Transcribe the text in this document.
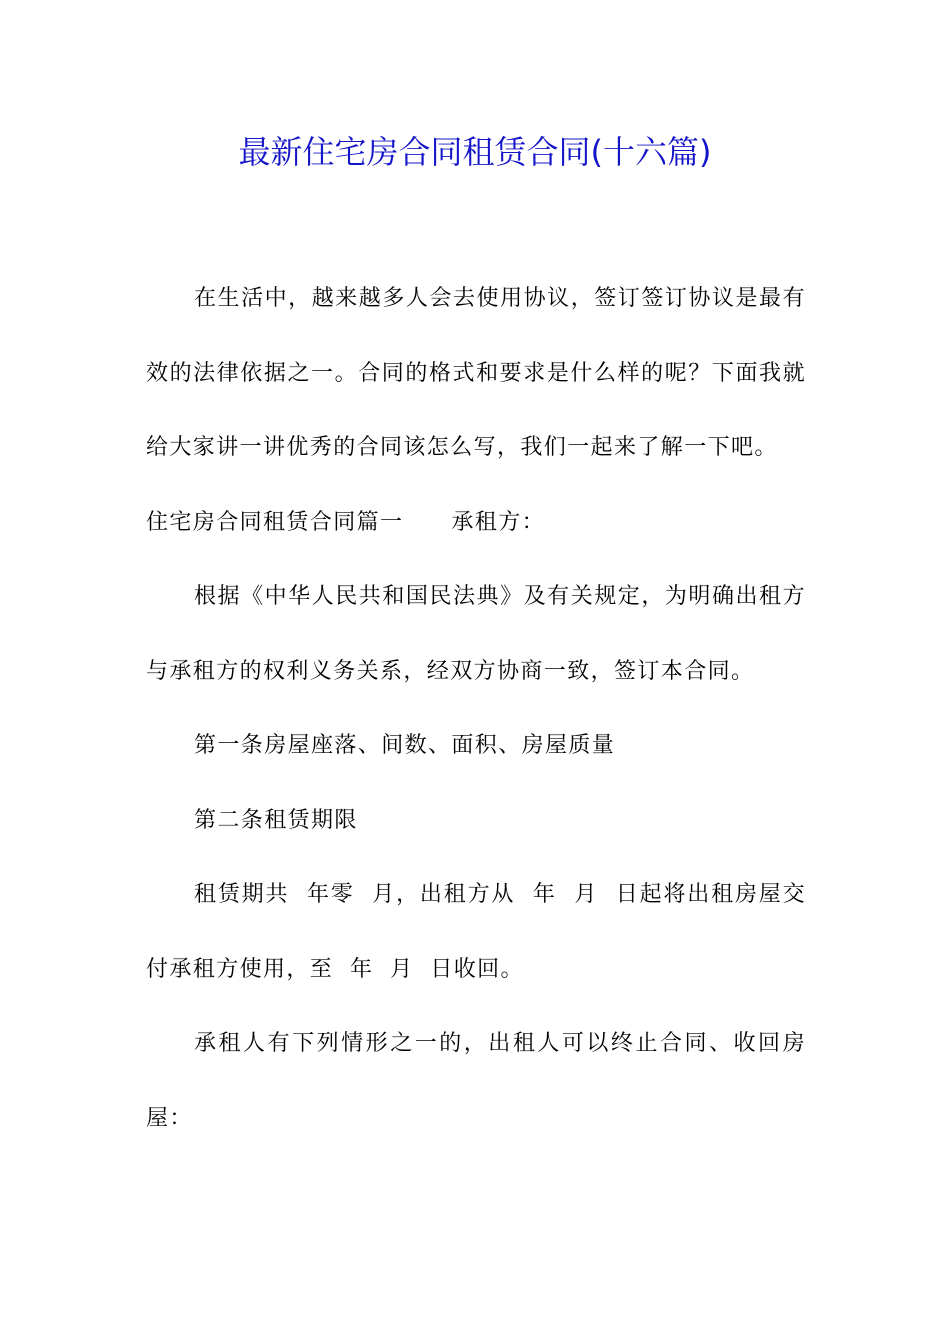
最新住宅房合同租赁合同(十六篇)

在生活中，越来越多人会去使用协议，签订签订协议是最有效的法律依据之一。合同的格式和要求是什么样的呢？下面我就给大家讲一讲优秀的合同该怎么写，我们一起来了解一下吧。

住宅房合同租赁合同篇一 承租方：

根据《中华人民共和国民法典》及有关规定，为明确出租方与承租方的权利义务关系，经双方协商一致，签订本合同。

第一条房屋座落、间数、面积、房屋质量

第二条租赁期限

租赁期共  年零  月，出租方从  年  月  日起将出租房屋交付承租方使用，至  年  月  日收回。

承租人有下列情形之一的，出租人可以终止合同、收回房屋：
